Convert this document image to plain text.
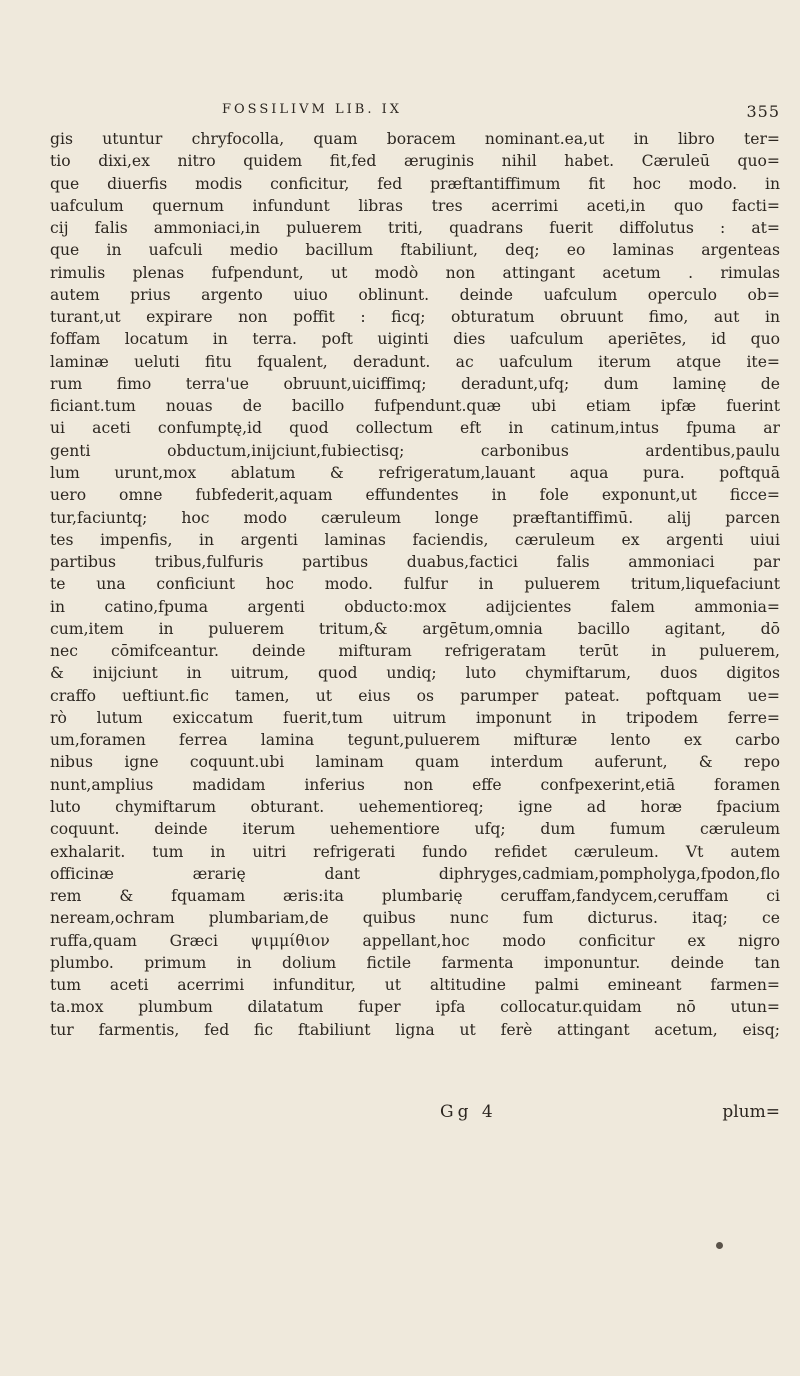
FOSSILIVM LIB. IX	355
gis utuntur chryfocolla, quam boracem nominant.ea,ut in libro ter=
tio dixi,ex nitro quidem fit,fed æruginis nihil habet. Cæruleū quo=
que diuerfis modis conficitur, fed præftantiffimum fit hoc modo. in
uafculum quernum infundunt libras tres acerrimi aceti,in quo facti=
cij falis ammoniaci,in puluerem triti, quadrans fuerit diffolutus : at=
que in uafculi medio bacillum ftabiliunt, deq; eo laminas argenteas
rimulis plenas fufpendunt, ut modò non attingant acetum . rimulas
autem prius argento uiuo oblinunt. deinde uafculum operculo ob=
turant,ut expirare non poffit : ficq; obturatum obruunt fimo, aut in
foffam locatum in terra. poft uiginti dies uafculum aperiētes, id quo
laminæ ueluti fitu fqualent, deradunt. ac uafculum iterum atque ite=
rum fimo terra'ue obruunt,uiciffimq; deradunt,ufq; dum laminę de
ficiant.tum nouas de bacillo fufpendunt.quæ ubi etiam ipfæ fuerint
ui aceti confumptę,id quod collectum eft in catinum,intus fpuma ar
genti obductum,inijciunt,fubiectisq; carbonibus ardentibus,paulu
lum urunt,mox ablatum & refrigeratum,lauant aqua pura. poftquā
uero omne fubfederit,aquam effundentes in fole exponunt,ut ficce=
tur,faciuntq; hoc modo cæruleum longe præftantiffimū. alij parcen
tes impenfis, in argenti laminas faciendis, cæruleum ex argenti uiui
partibus tribus,fulfuris partibus duabus,factici falis ammoniaci par
te una conficiunt hoc modo. fulfur in puluerem tritum,liquefaciunt
in catino,fpuma argenti obducto:mox adijcientes falem ammonia=
cum,item in puluerem tritum,& argētum,omnia bacillo agitant, dō
nec cōmifceantur. deinde mifturam refrigeratam terūt in puluerem,
& inijciunt in uitrum, quod undiq; luto chymiftarum, duos digitos
craffo ueftiunt.fic tamen, ut eius os parumper pateat. poftquam ue=
rò lutum exiccatum fuerit,tum uitrum imponunt in tripodem ferre=
um,foramen ferrea lamina tegunt,puluerem mifturæ lento ex carbo
nibus igne coquunt.ubi laminam quam interdum auferunt, & repo
nunt,amplius madidam inferius non effe confpexerint,etiā foramen
luto chymiftarum obturant. uehementioreq; igne ad horæ fpacium
coquunt. deinde iterum uehementiore ufq; dum fumum cæruleum
exhalarit. tum in uitri refrigerati fundo refidet cæruleum. Vt autem
officinæ ærarię dant diphryges,cadmiam,pompholyga,fpodon,flo
rem & fquamam æris:ita plumbarię ceruffam,fandycem,ceruffam ci
neream,ochram plumbariam,de quibus nunc fum dicturus. itaq; ce
ruffa,quam Græci ψιμμίθιον appellant,hoc modo conficitur ex nigro
plumbo. primum in dolium fictile farmenta imponuntur. deinde tan
tum aceti acerrimi infunditur, ut altitudine palmi emineant farmen=
ta.mox plumbum dilatatum fuper ipfa collocatur.quidam nō utun=
tur farmentis, fed fic ftabiliunt ligna ut ferè attingant acetum, eisq;
Gg 4	plum=
